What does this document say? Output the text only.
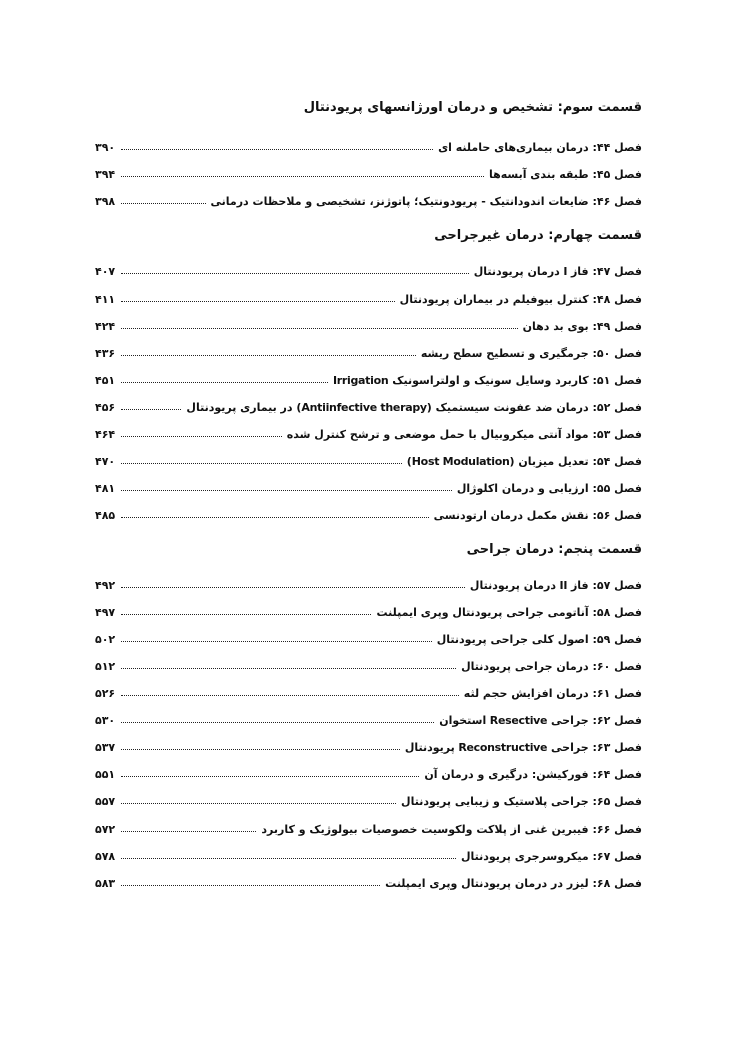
قسمت سوم: تشخیص و درمان اورژانسهای پریودنتال
فصل ۴۴: درمان بیماری‌های حاملنه ای
۳۹۰
فصل ۴۵: طبقه بندی آبسه‌ها
۳۹۴
فصل ۴۶: ضایعات اندودانتیک - پریودونتیک؛ پاتوژنز، تشخیصی و ملاحظات درمانی
۳۹۸
قسمت چهارم: درمان غیرجراحی
فصل ۴۷: فاز I درمان پریودنتال
۴۰۷
فصل ۴۸: کنترل بیوفیلم در بیماران پریودنتال
۴۱۱
فصل ۴۹: بوی بد دهان
۴۲۴
فصل ۵۰: جرمگیری و تسطیح سطح ریشه
۴۳۶
فصل ۵۱: کاربرد وسایل سونیک و اولتراسونیک Irrigation
۴۵۱
فصل ۵۲: درمان ضد عفونت سیستمیک (Antiinfective therapy) در بیماری پریودنتال
۴۵۶
فصل ۵۳: مواد آنتی میکروبیال با حمل موضعی و ترشح کنترل شده
۴۶۴
فصل ۵۴: تعدیل میزبان (Host Modulation)
۴۷۰
فصل ۵۵: ارزیابی و درمان اکلوژال
۴۸۱
فصل ۵۶: نقش مکمل درمان ارتودنسی
۴۸۵
قسمت پنجم: درمان جراحی
فصل ۵۷: فاز II درمان پریودنتال
۴۹۲
فصل ۵۸: آناتومی جراحی پریودنتال وپری ایمپلنت
۴۹۷
فصل ۵۹: اصول کلی جراحی پریودنتال
۵۰۲
فصل ۶۰: درمان جراحی پریودنتال
۵۱۲
فصل ۶۱: درمان افزایش حجم لثه
۵۲۶
فصل ۶۲: جراحی Resective استخوان
۵۳۰
فصل ۶۳: جراحی Reconstructive پریودنتال
۵۳۷
فصل ۶۴: فورکیشن: درگیری و درمان آن
۵۵۱
فصل ۶۵: جراحی پلاستیک و زیبایی پریودنتال
۵۵۷
فصل ۶۶: فیبرین غنی از پلاکت ولکوسیت خصوصیات بیولوژیک و کاربرد
۵۷۲
فصل ۶۷: میکروسرجری پریودنتال
۵۷۸
فصل ۶۸: لیزر در درمان پریودنتال وپری ایمپلنت
۵۸۳
